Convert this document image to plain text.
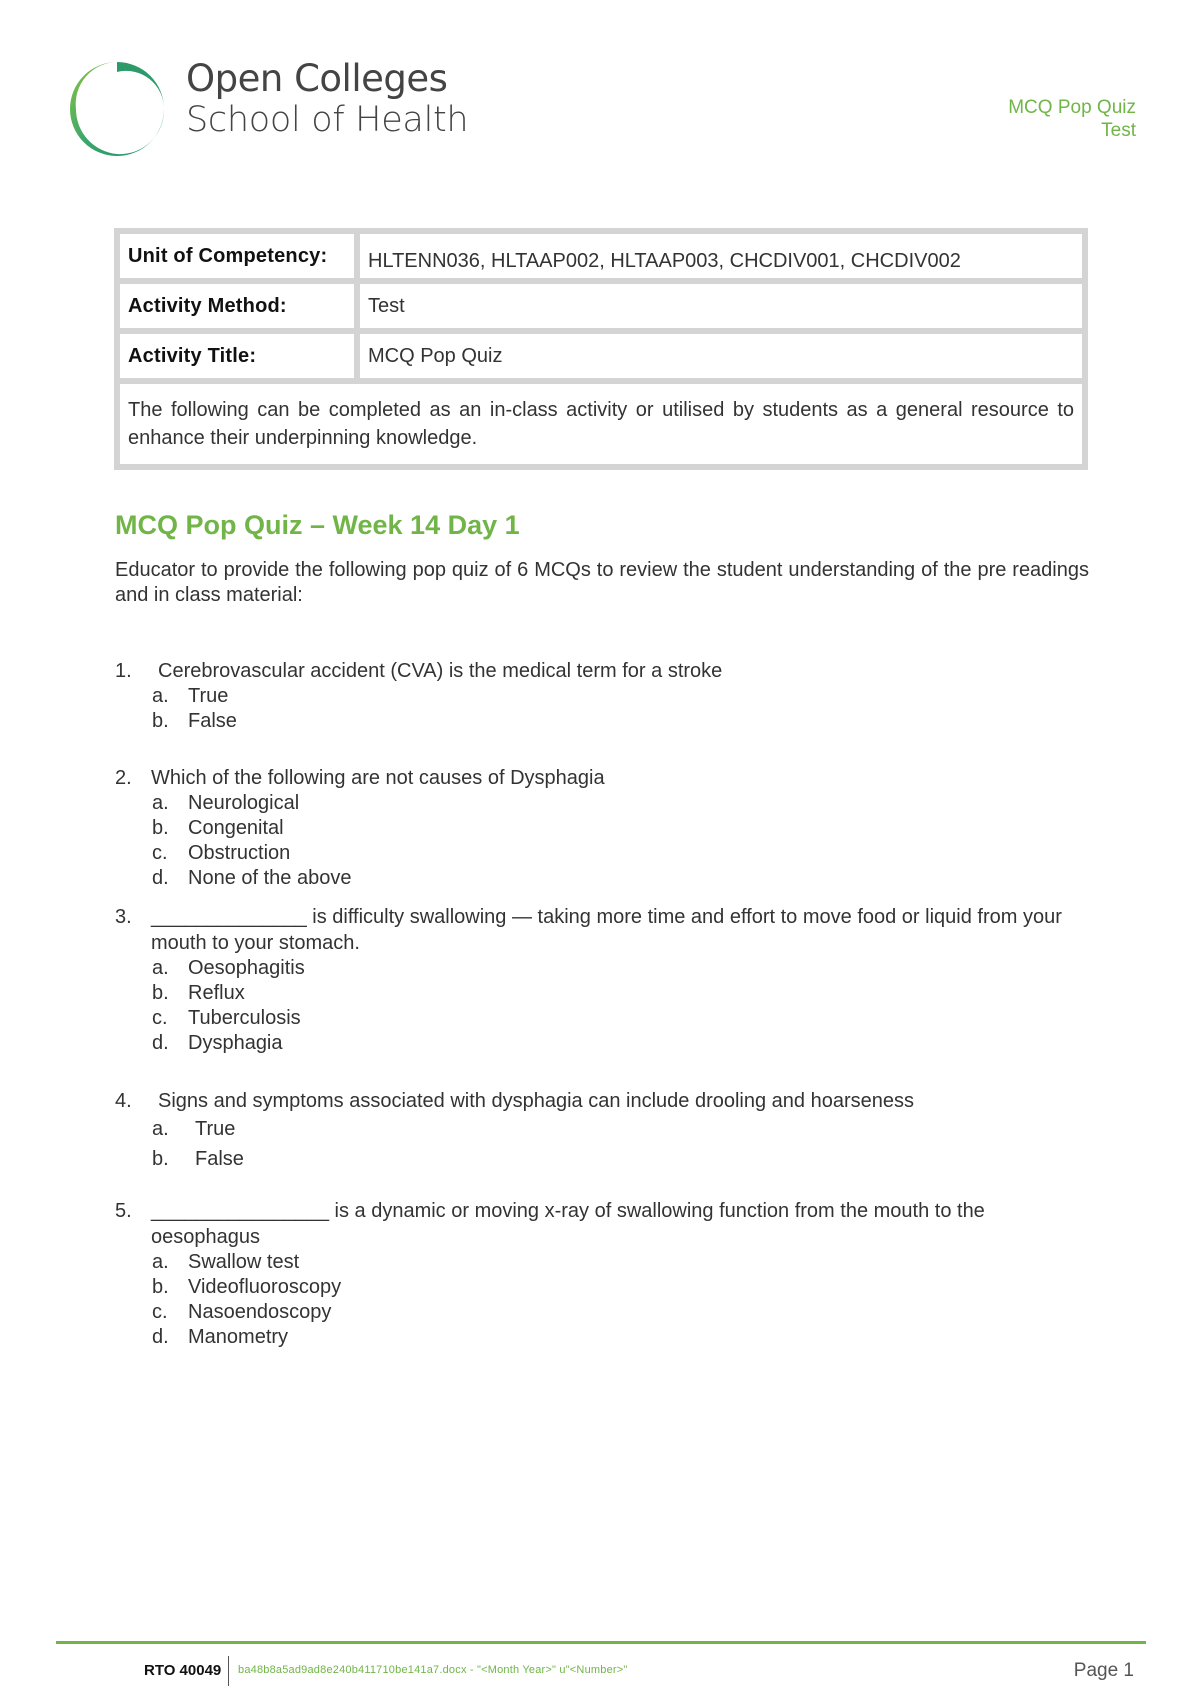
Open Colleges
School of Health	MCQ Pop Quiz
Test
Unit of Competency:	HLTENN036, HLTAAP002, HLTAAP003, CHCDIV001, CHCDIV002
Activity Method:	Test
Activity Title:	MCQ Pop Quiz
The following can be completed as an in-class activity or utilised by students as a general resource to enhance their underpinning knowledge.	
MCQ Pop Quiz – Week 14 Day 1

Educator to provide the following pop quiz of 6 MCQs to review the student understanding of the pre readings and in class material:

1. Cerebrovascular accident (CVA) is the medical term for a stroke
a. True
b. False
2. Which of the following are not causes of Dysphagia
a. Neurological
b. Congenital
c. Obstruction
d. None of the above
3. ______________ is difficulty swallowing — taking more time and effort to move food or liquid from your mouth to your stomach.
a. Oesophagitis
b. Reflux
c. Tuberculosis
d. Dysphagia
4. Signs and symptoms associated with dysphagia can include drooling and hoarseness
a. True
b. False
5. ________________ is a dynamic or moving x-ray of swallowing function from the mouth to the oesophagus
a. Swallow test
b. Videofluoroscopy
c. Nasoendoscopy
d. Manometry
RTO 40049 ba48b8a5ad9ad8e240b411710be141a7.docx - "<Month Year>" u"<Number>"	Page 1
